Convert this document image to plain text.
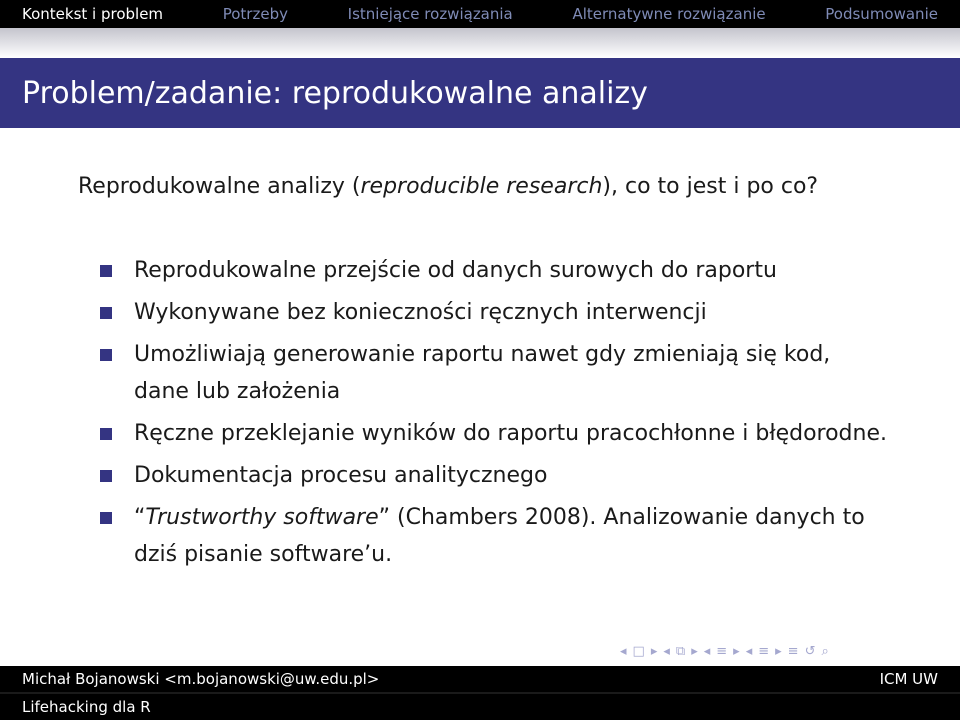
Kontekst i problem	Potrzeby	Istniejące rozwiązania	Alternatywne rozwiązanie	Podsumowanie
Problem/zadanie: reprodukowalne analizy
Reprodukowalne analizy (reproducible research), co to jest i po co?
Reprodukowalne przejście od danych surowych do raportu
Wykonywane bez konieczności ręcznych interwencji
Umożliwiają generowanie raportu nawet gdy zmieniają się kod, dane lub założenia
Ręczne przeklejanie wyników do raportu pracochłonne i błędorodne.
Dokumentacja procesu analitycznego
“Trustworthy software” (Chambers 2008). Analizowanie danych to dziś pisanie software’u.
◂ □ ▸ ◂ ⧉ ▸ ◂ ≡ ▸ ◂ ≡ ▸ ≡ ↺ ⌕
Michał Bojanowski <m.bojanowski@uw.edu.pl>	ICM UW
Lifehacking dla R
